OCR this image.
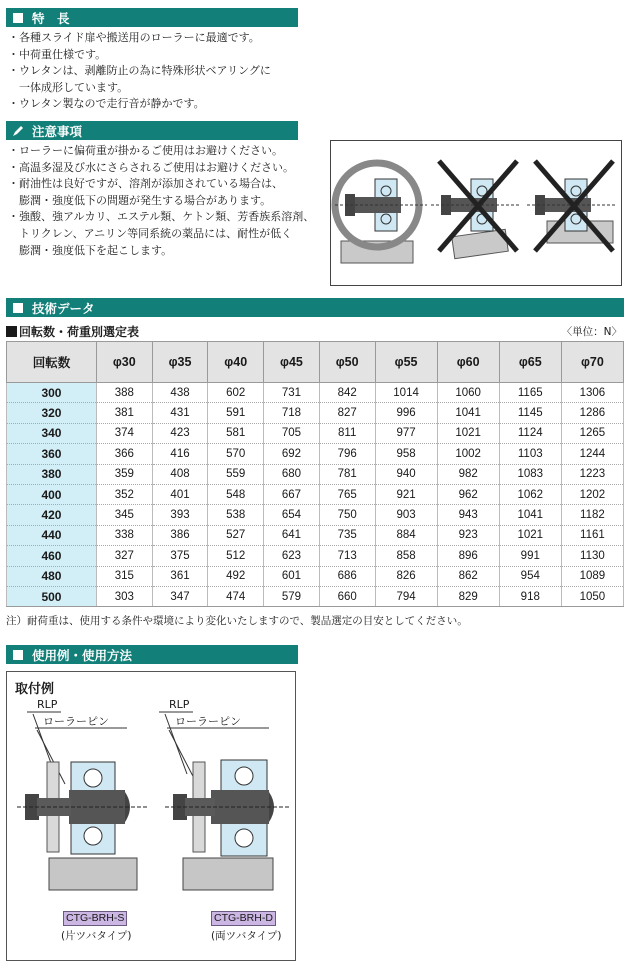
特　長
・各種スライド扉や搬送用のローラーに最適です。
・中荷重仕様です。
・ウレタンは、剥離防止の為に特殊形状ベアリングに
　一体成形しています。
・ウレタン製なので走行音が静かです。
注意事項
・ローラーに偏荷重が掛かるご使用はお避けください。
・高温多湿及び水にさらされるご使用はお避けください。
・耐油性は良好ですが、溶剤が添加されている場合は、
　膨潤・強度低下の問題が発生する場合があります。
・強酸、強アルカリ、エステル類、ケトン類、芳香族系溶剤、
　トリクレン、アニリン等同系統の薬品には、耐性が低く
　膨潤・強度低下を起こします。
技術データ
回転数・荷重別選定表	〈単位：N〉
回転数	φ30	φ35	φ40	φ45	φ50	φ55	φ60	φ65	φ70
300	388	438	602	731	842	1014	1060	1165	1306
320	381	431	591	718	827	996	1041	1145	1286
340	374	423	581	705	811	977	1021	1124	1265
360	366	416	570	692	796	958	1002	1103	1244
380	359	408	559	680	781	940	982	1083	1223
400	352	401	548	667	765	921	962	1062	1202
420	345	393	538	654	750	903	943	1041	1182
440	338	386	527	641	735	884	923	1021	1161
460	327	375	512	623	713	858	896	991	1130
480	315	361	492	601	686	826	862	954	1089
500	303	347	474	579	660	794	829	918	1050
注）耐荷重は、使用する条件や環境により変化いたしますので、製品選定の目安としてください。
使用例・使用方法
取付例
RLP
ローラーピン
RLP
ローラーピン
CTG-BRH-S
(片ツバタイプ)
CTG-BRH-D
(両ツバタイプ)
